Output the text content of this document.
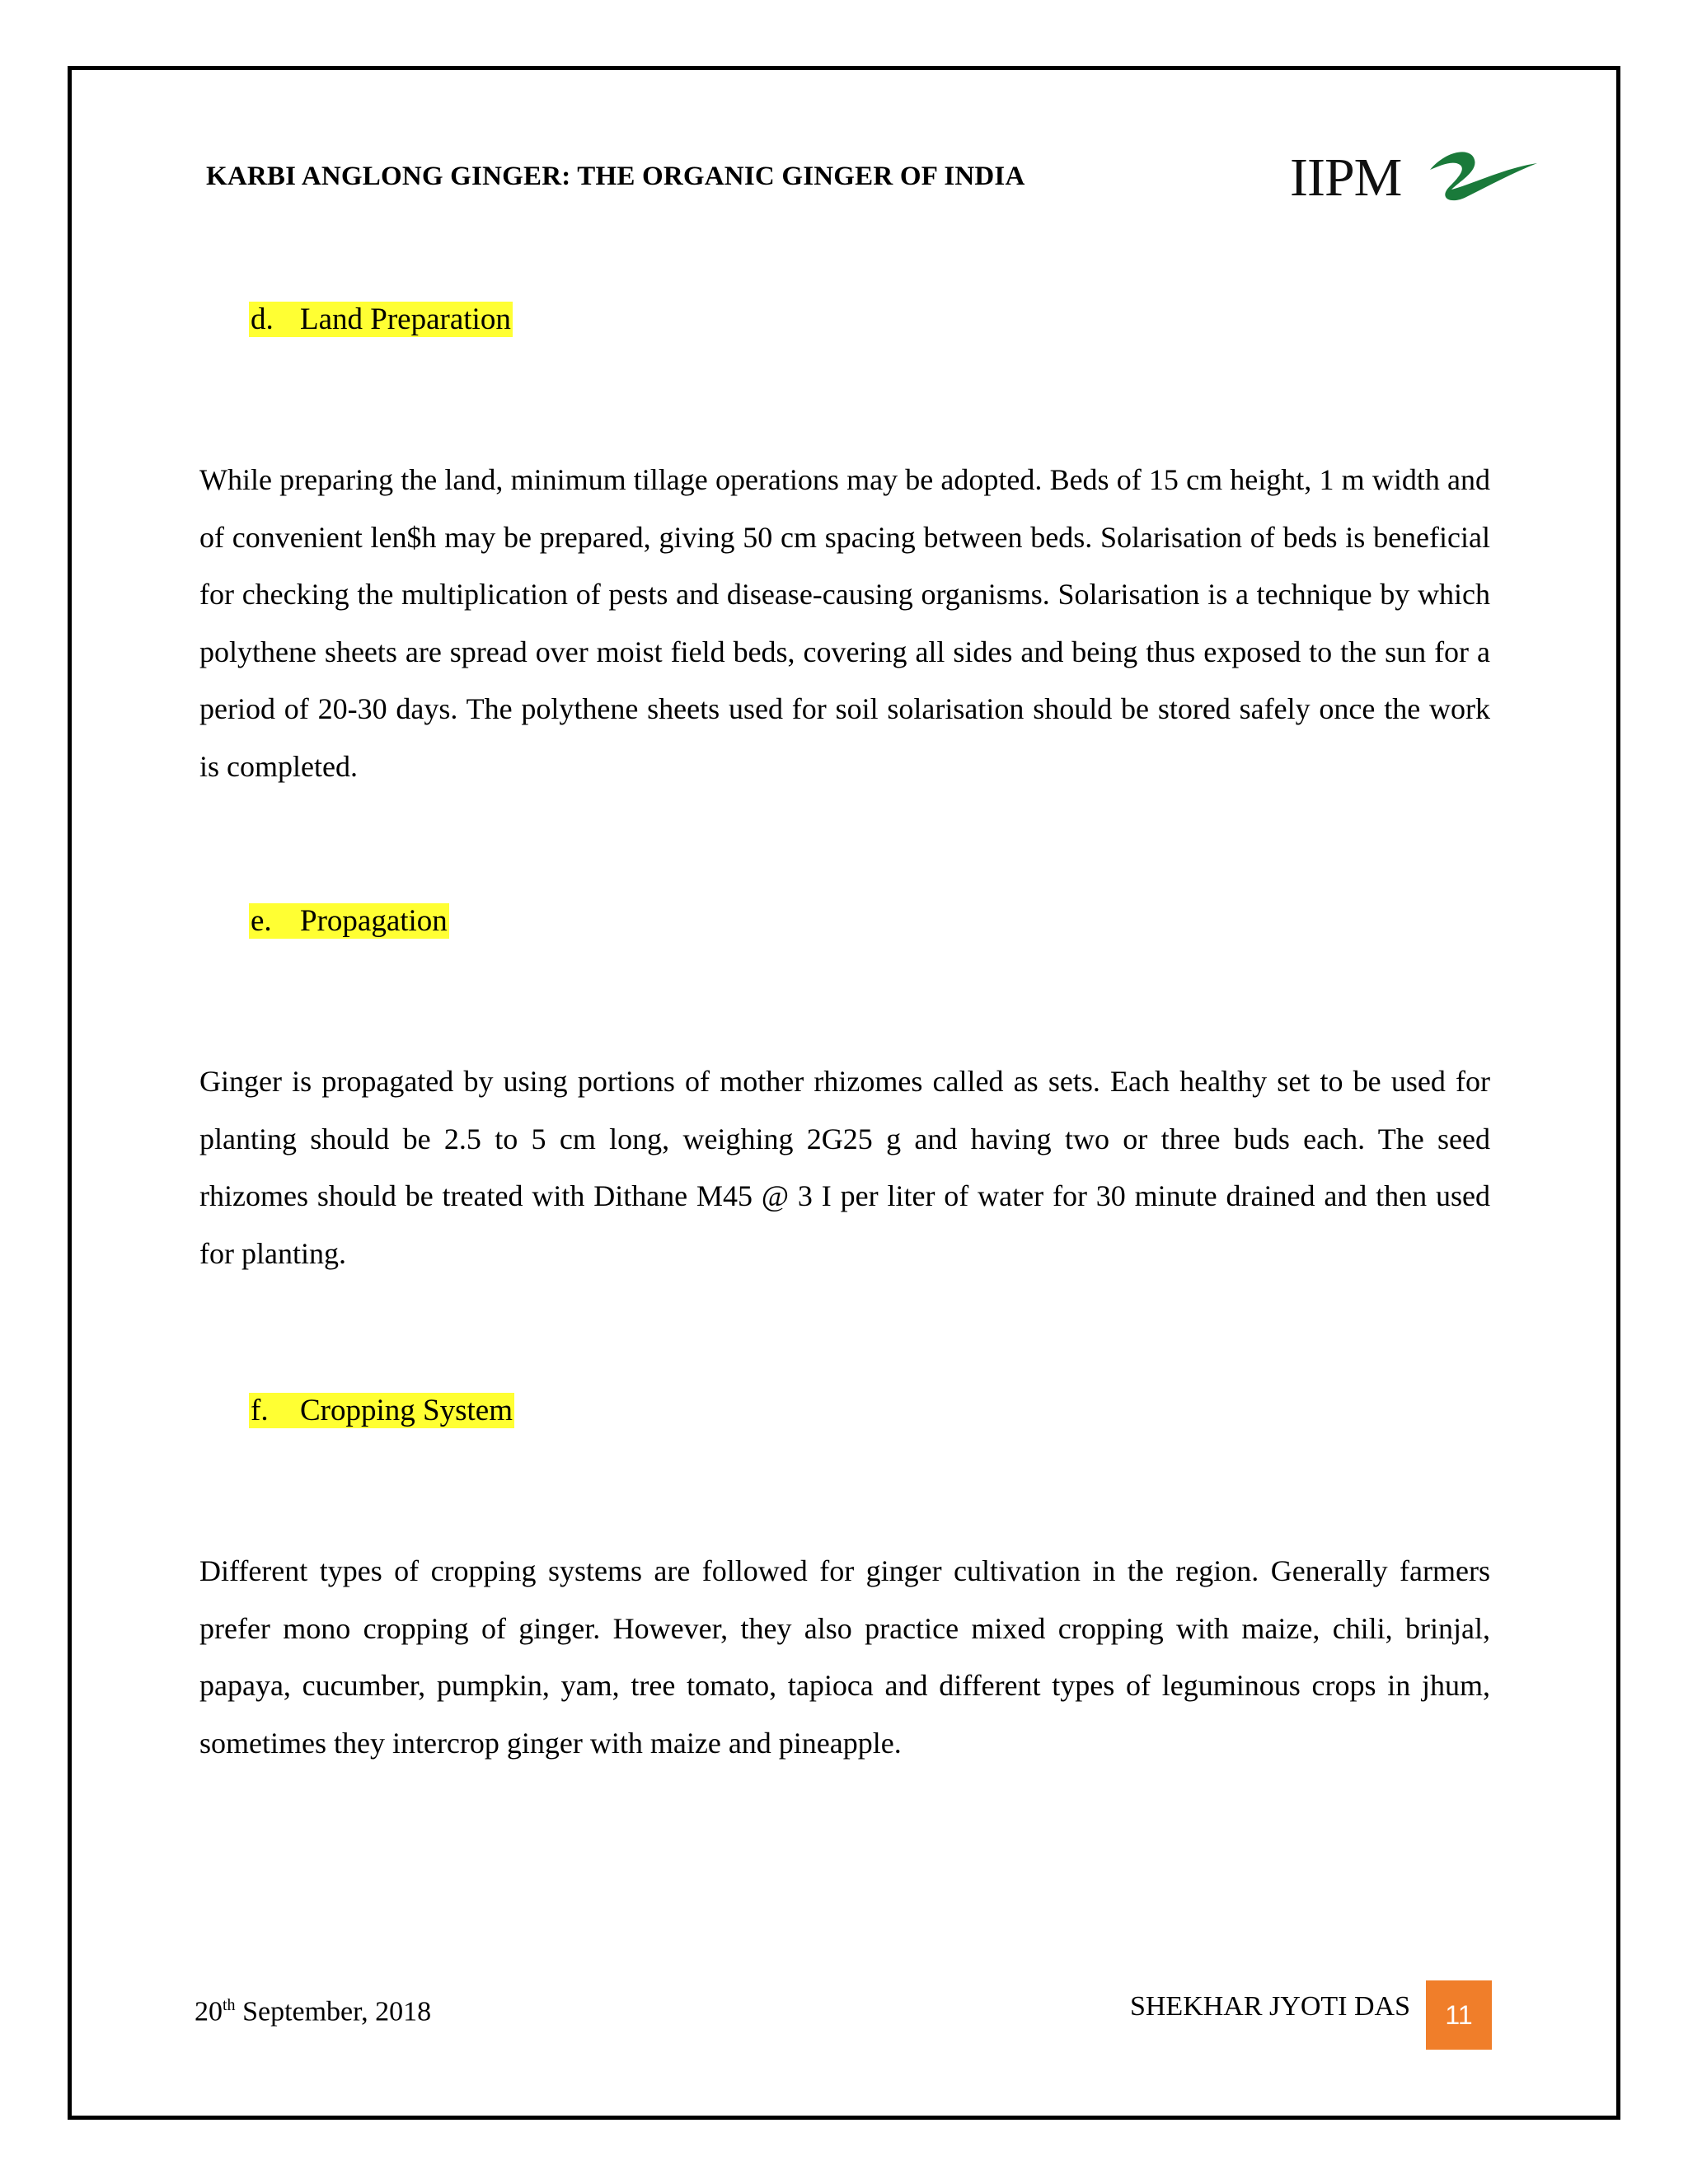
KARBI ANGLONG GINGER: THE ORGANIC GINGER OF INDIA	IIPM
d. Land Preparation
While preparing the land, minimum tillage operations may be adopted. Beds of 15 cm height, 1 m width and of convenient len$h may be prepared, giving 50 cm spacing between beds. Solarisation of beds is beneficial for checking the multiplication of pests and disease-causing organisms. Solarisation is a technique by which polythene sheets are spread over moist field beds, covering all sides and being thus exposed to the sun for a period of 20-30 days. The polythene sheets used for soil solarisation should be stored safely once the work is completed.
e. Propagation
Ginger is propagated by using portions of mother rhizomes called as sets. Each healthy set to be used for planting should be 2.5 to 5 cm long, weighing 2G25 g and having two or three buds each. The seed rhizomes should be treated with Dithane M45 @ 3 I per liter of water for 30 minute drained and then used for planting.
f. Cropping System
Different types of cropping systems are followed for ginger cultivation in the region. Generally farmers prefer mono cropping of ginger. However, they also practice mixed cropping with maize, chili, brinjal, papaya, cucumber, pumpkin, yam, tree tomato, tapioca and different types of leguminous crops in jhum, sometimes they intercrop ginger with maize and pineapple.
20th September, 2018	SHEKHAR JYOTI DAS 11
